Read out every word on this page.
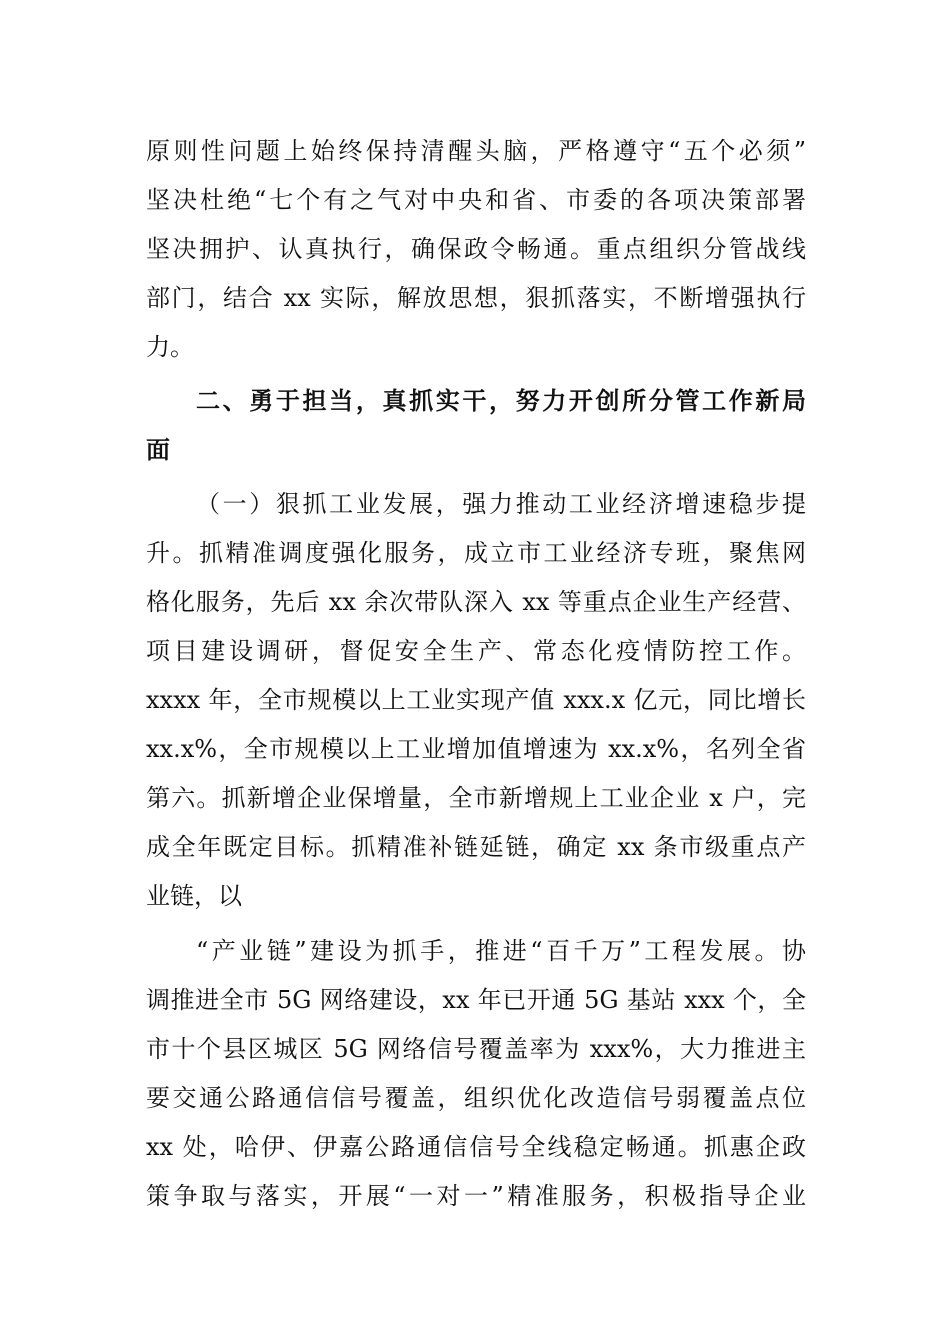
原则性问题上始终保持清醒头脑，严格遵守“五个必须”
坚决杜绝“七个有之气对中央和省、市委的各项决策部署
坚决拥护、认真执行，确保政令畅通。重点组织分管战线
部门，结合 xx 实际，解放思想，狠抓落实，不断增强执行
力。
二、勇于担当，真抓实干，努力开创所分管工作新局
面
（一）狠抓工业发展，强力推动工业经济增速稳步提
升。抓精准调度强化服务，成立市工业经济专班，聚焦网
格化服务，先后 xx 余次带队深入 xx 等重点企业生产经营、
项目建设调研，督促安全生产、常态化疫情防控工作。
xxxx 年，全市规模以上工业实现产值 xxx.x 亿元，同比增长
xx.x%，全市规模以上工业增加值增速为 xx.x%，名列全省
第六。抓新增企业保增量，全市新增规上工业企业 x 户，完
成全年既定目标。抓精准补链延链，确定 xx 条市级重点产
业链，以
“产业链”建设为抓手，推进“百千万”工程发展。协
调推进全市 5G 网络建设，xx 年已开通 5G 基站 xxx 个，全
市十个县区城区 5G 网络信号覆盖率为 xxx%，大力推进主
要交通公路通信信号覆盖，组织优化改造信号弱覆盖点位
xx 处，哈伊、伊嘉公路通信信号全线稳定畅通。抓惠企政
策争取与落实，开展“一对一”精准服务，积极指导企业
